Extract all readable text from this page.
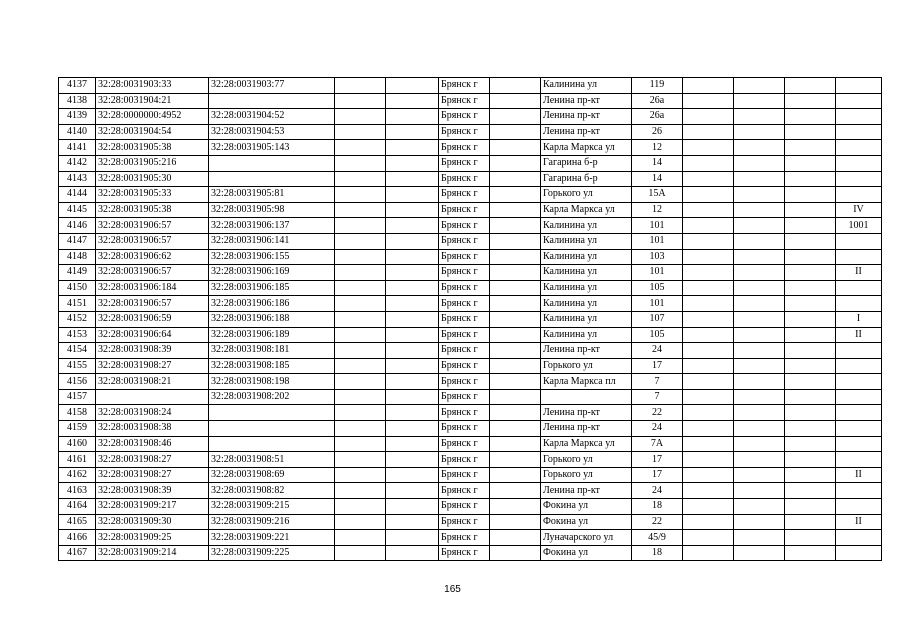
4137	32:28:0031903:33	32:28:0031903:77			Брянск г		Калинина ул	119				
4138	32:28:0031904:21				Брянск г		Ленина пр-кт	26а				
4139	32:28:0000000:4952	32:28:0031904:52			Брянск г		Ленина пр-кт	26а				
4140	32:28:0031904:54	32:28:0031904:53			Брянск г		Ленина пр-кт	26				
4141	32:28:0031905:38	32:28:0031905:143			Брянск г		Карла Маркса ул	12				
4142	32:28:0031905:216				Брянск г		Гагарина б-р	14				
4143	32:28:0031905:30				Брянск г		Гагарина б-р	14				
4144	32:28:0031905:33	32:28:0031905:81			Брянск г		Горького ул	15А				
4145	32:28:0031905:38	32:28:0031905:98			Брянск г		Карла Маркса ул	12				IV
4146	32:28:0031906:57	32:28:0031906:137			Брянск г		Калинина ул	101				1001
4147	32:28:0031906:57	32:28:0031906:141			Брянск г		Калинина ул	101				
4148	32:28:0031906:62	32:28:0031906:155			Брянск г		Калинина ул	103				
4149	32:28:0031906:57	32:28:0031906:169			Брянск г		Калинина ул	101				II
4150	32:28:0031906:184	32:28:0031906:185			Брянск г		Калинина ул	105				
4151	32:28:0031906:57	32:28:0031906:186			Брянск г		Калинина ул	101				
4152	32:28:0031906:59	32:28:0031906:188			Брянск г		Калинина ул	107				I
4153	32:28:0031906:64	32:28:0031906:189			Брянск г		Калинина ул	105				II
4154	32:28:0031908:39	32:28:0031908:181			Брянск г		Ленина пр-кт	24				
4155	32:28:0031908:27	32:28:0031908:185			Брянск г		Горького ул	17				
4156	32:28:0031908:21	32:28:0031908:198			Брянск г		Карла Маркса пл	7				
4157		32:28:0031908:202			Брянск г			7				
4158	32:28:0031908:24				Брянск г		Ленина пр-кт	22				
4159	32:28:0031908:38				Брянск г		Ленина пр-кт	24				
4160	32:28:0031908:46				Брянск г		Карла Маркса ул	7А				
4161	32:28:0031908:27	32:28:0031908:51			Брянск г		Горького ул	17				
4162	32:28:0031908:27	32:28:0031908:69			Брянск г		Горького ул	17				II
4163	32:28:0031908:39	32:28:0031908:82			Брянск г		Ленина пр-кт	24				
4164	32:28:0031909:217	32:28:0031909:215			Брянск г		Фокина ул	18				
4165	32:28:0031909:30	32:28:0031909:216			Брянск г		Фокина ул	22				II
4166	32:28:0031909:25	32:28:0031909:221			Брянск г		Луначарского ул	45/9				
4167	32:28:0031909:214	32:28:0031909:225			Брянск г		Фокина ул	18				
165
